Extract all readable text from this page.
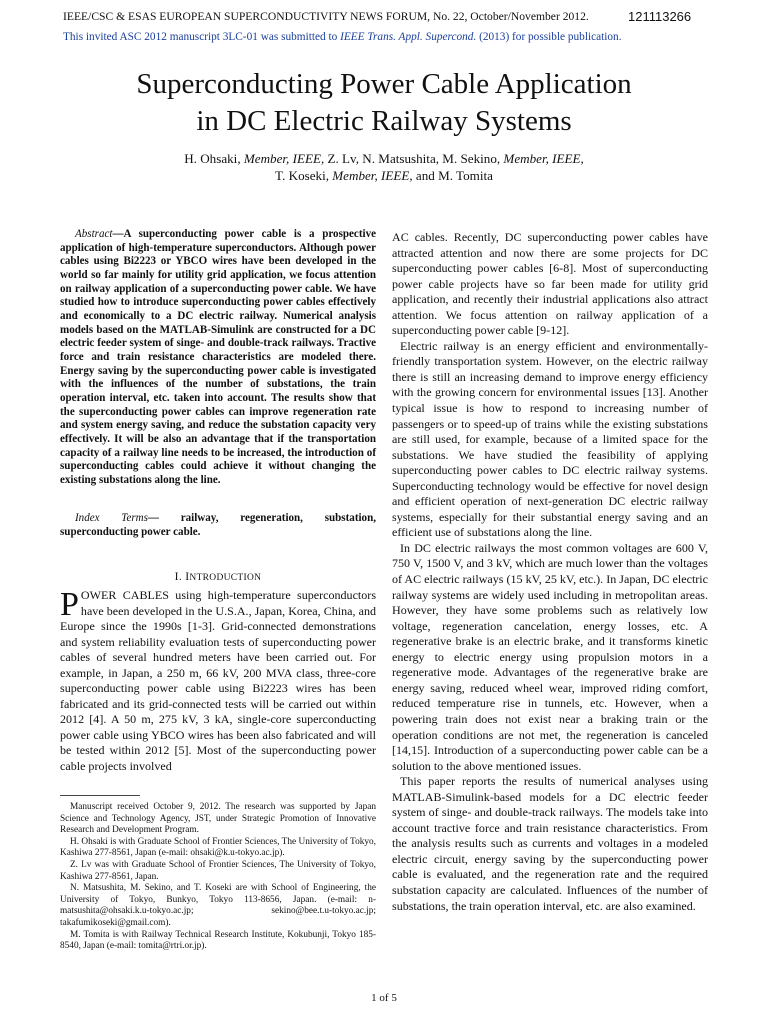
IEEE/CSC & ESAS EUROPEAN SUPERCONDUCTIVITY NEWS FORUM, No. 22, October/November 2012.	121113266
This invited ASC 2012 manuscript 3LC-01 was submitted to IEEE Trans. Appl. Supercond. (2013) for possible publication.
Superconducting Power Cable Application
in DC Electric Railway Systems
H. Ohsaki, Member, IEEE, Z. Lv, N. Matsushita, M. Sekino, Member, IEEE,
T. Koseki, Member, IEEE, and M. Tomita
Abstract—A superconducting power cable is a prospective application of high-temperature superconductors. Although power cables using Bi2223 or YBCO wires have been developed in the world so far mainly for utility grid application, we focus attention on railway application of a superconducting power cable. We have studied how to introduce superconducting power cables effectively and economically to a DC electric railway. Numerical analysis models based on the MATLAB-Simulink are constructed for a DC electric feeder system of singe- and double-track railways. Tractive force and train resistance characteristics are modeled there. Energy saving by the superconducting power cable is investigated with the influences of the number of substations, the train operation interval, etc. taken into account. The results show that the superconducting power cables can improve regeneration rate and system energy saving, and reduce the substation capacity very effectively. It will be also an advantage that if the transportation capacity of a railway line needs to be increased, the introduction of superconducting cables could achieve it without changing the existing substations along the line.
Index Terms— railway, regeneration, substation, superconducting power cable.
I. INTRODUCTION
POWER CABLES using high-temperature superconductors have been developed in the U.S.A., Japan, Korea, China, and Europe since the 1990s [1-3]. Grid-connected demonstrations and system reliability evaluation tests of superconducting power cables of several hundred meters have been carried out. For example, in Japan, a 250 m, 66 kV, 200 MVA class, three-core superconducting power cable using Bi2223 wires has been fabricated and its grid-connected tests will be carried out within 2012 [4]. A 50 m, 275 kV, 3 kA, single-core superconducting power cable using YBCO wires has been also fabricated and will be tested within 2012 [5]. Most of the superconducting power cable projects involved

Manuscript received October 9, 2012. The research was supported by Japan Science and Technology Agency, JST, under Strategic Promotion of Innovative Research and Development Program.

H. Ohsaki is with Graduate School of Frontier Sciences, The University of Tokyo, Kashiwa 277-8561, Japan (e-mail: ohsaki@k.u-tokyo.ac.jp).

Z. Lv was with Graduate School of Frontier Sciences, The University of Tokyo, Kashiwa 277-8561, Japan.

N. Matsushita, M. Sekino, and T. Koseki are with School of Engineering, the University of Tokyo, Bunkyo, Tokyo 113-8656, Japan. (e-mail: n-matsushita@ohsaki.k.u-tokyo.ac.jp; sekino@bee.t.u-tokyo.ac.jp; takafumikoseki@gmail.com).

M. Tomita is with Railway Technical Research Institute, Kokubunji, Tokyo 185-8540, Japan (e-mail: tomita@rtri.or.jp).

AC cables. Recently, DC superconducting power cables have attracted attention and now there are some projects for DC superconducting power cables [6-8]. Most of superconducting power cable projects have so far been made for utility grid application, and recently their industrial applications also attract attention. We focus attention on railway application of a superconducting power cable [9-12].

Electric railway is an energy efficient and environmentally-friendly transportation system. However, on the electric railway there is still an increasing demand to improve energy efficiency with the growing concern for environmental issues [13]. Another typical issue is how to respond to increasing number of passengers or to speed-up of trains while the existing substations are still used, for example, because of a limited space for the substations. We have studied the feasibility of applying superconducting power cables to DC electric railway systems. Superconducting technology would be effective for novel design and efficient operation of next-generation DC electric railway systems, especially for their substantial energy saving and an efficient use of substations along the line.

In DC electric railways the most common voltages are 600 V, 750 V, 1500 V, and 3 kV, which are much lower than the voltages of AC electric railways (15 kV, 25 kV, etc.). In Japan, DC electric railway systems are widely used including in metropolitan areas. However, they have some problems such as relatively low voltage, regeneration cancelation, energy losses, etc. A regenerative brake is an electric brake, and it transforms kinetic energy to electric energy using propulsion motors in a regenerative mode. Advantages of the regenerative brake are energy saving, reduced wheel wear, improved riding comfort, reduced temperature rise in tunnels, etc. However, when a powering train does not exist near a braking train or the operation conditions are not met, the regeneration is canceled [14,15]. Introduction of a superconducting power cable can be a solution to the above mentioned issues.

This paper reports the results of numerical analyses using MATLAB-Simulink-based models for a DC electric feeder system of singe- and double-track railways. The models take into account tractive force and train resistance characteristics. From the analysis results such as currents and voltages in a modeled electric circuit, energy saving by the superconducting power cable is evaluated, and the regeneration rate and the required substation capacity are calculated. Influences of the number of substations, the train operation interval, etc. are also examined.

1 of 5
